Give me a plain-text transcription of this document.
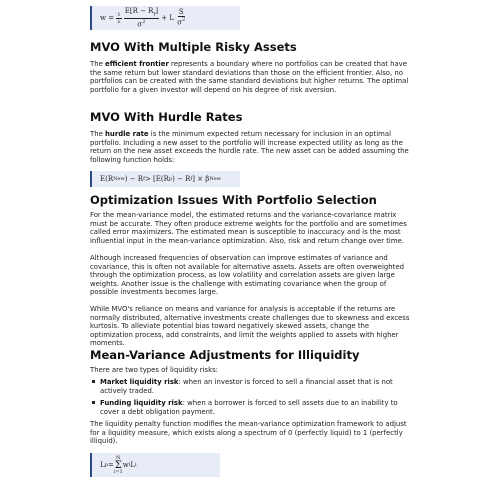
w =
$\frac{1}{\lambda}$
$\frac{E[R - R_f]}{\sigma^2}$
+ L
$\frac{S}{\sigma^2}$
MVO With Multiple Risky Assets

The efficient frontier represents a boundary where no portfolios can be created that have the same return but lower standard deviations than those on the efficient frontier. Also, no portfolios can be created with the same standard deviations but higher returns. The optimal portfolio for a given investor will depend on his degree of risk aversion.

MVO With Hurdle Rates

The hurdle rate is the minimum expected return necessary for inclusion in an optimal portfolio. Including a new asset to the portfolio will increase expected utility as long as the return on the new asset exceeds the hurdle rate. The new asset can be added assuming the following function holds:

E(R New ) − R f > [E(R p ) − R f ] × β New
Optimization Issues With Portfolio Selection

For the mean-variance model, the estimated returns and the variance-covariance matrix must be accurate. They often produce extreme weights for the portfolio and are sometimes called error maximizers. The estimated mean is susceptible to inaccuracy and is the most influential input in the mean-variance optimization. Also, risk and return change over time.

Although increased frequencies of observation can improve estimates of variance and covariance, this is often not available for alternative assets. Assets are often overweighted through the optimization process, as low volatility and correlation assets are given large weights. Another issue is the challenge with estimating covariance when the group of possible investments becomes large.

While MVO's reliance on means and variance for analysis is acceptable if the returns are normally distributed, alternative investments create challenges due to skewness and excess kurtosis. To alleviate potential bias toward negatively skewed assets, change the optimization process, add constraints, and limit the weights applied to assets with higher moments.

Mean-Variance Adjustments for Illiquidity

There are two types of liquidity risks:

Market liquidity risk: when an investor is forced to sell a financial asset that is not actively traded.
Funding liquidity risk: when a borrower is forced to sell assets due to an inability to cover a debt obligation payment.

The liquidity penalty function modifies the mean-variance optimization framework to adjust for a liquidity measure, which exists along a spectrum of 0 (perfectly liquid) to 1 (perfectly illiquid).

L p =
N
Σ
i=1
w i L i
